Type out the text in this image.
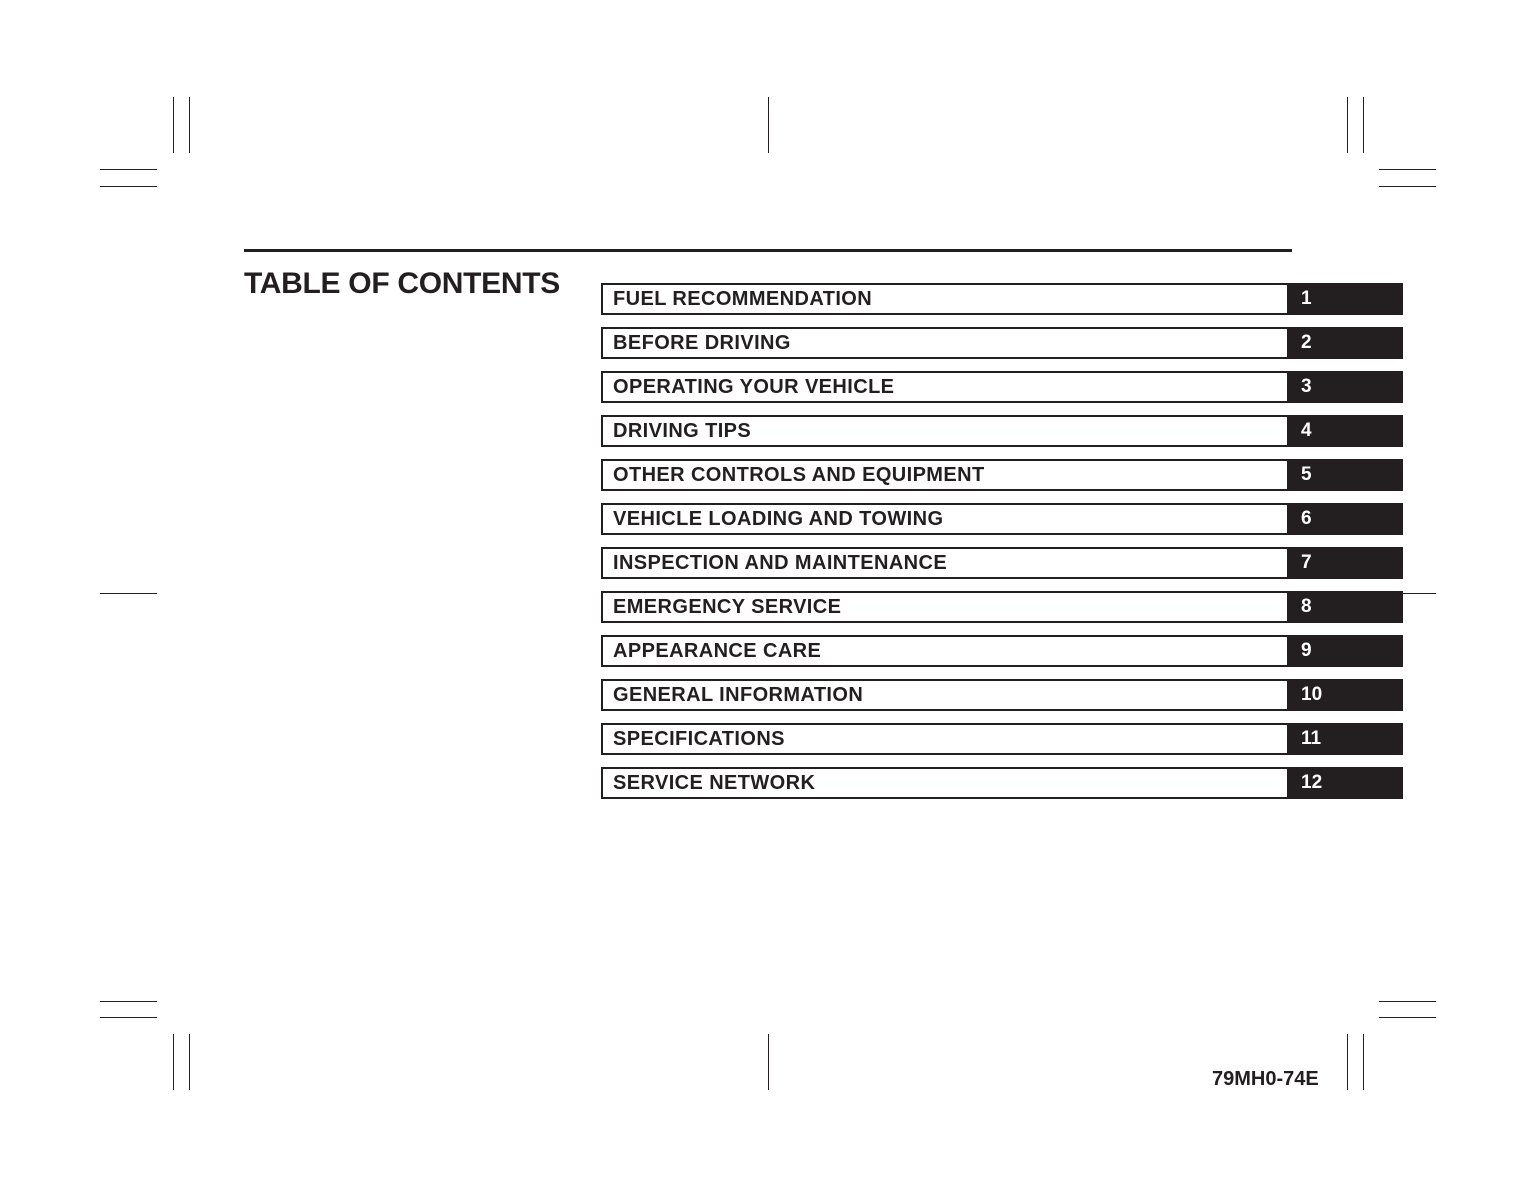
TABLE OF CONTENTS	FUEL RECOMMENDATION	1
BEFORE DRIVING	2
OPERATING YOUR VEHICLE	3
DRIVING TIPS	4
OTHER CONTROLS AND EQUIPMENT	5
VEHICLE LOADING AND TOWING	6
INSPECTION AND MAINTENANCE	7
EMERGENCY SERVICE	8
APPEARANCE CARE	9
GENERAL INFORMATION	10
SPECIFICATIONS	11
SERVICE NETWORK	12
79MH0-74E
